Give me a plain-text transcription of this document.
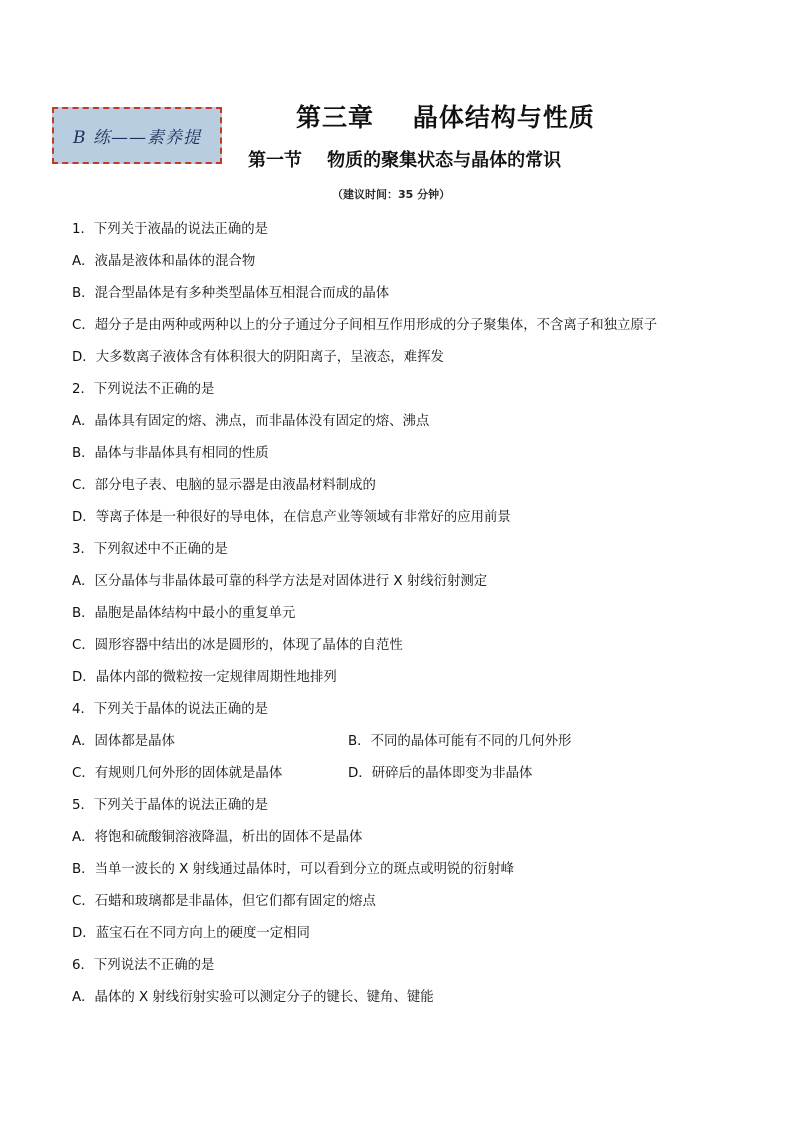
B 练——素养提
第三章    晶体结构与性质
第一节    物质的聚集状态与晶体的常识
（建议时间：35 分钟）
1．下列关于液晶的说法正确的是
A．液晶是液体和晶体的混合物
B．混合型晶体是有多种类型晶体互相混合而成的晶体
C．超分子是由两种或两种以上的分子通过分子间相互作用形成的分子聚集体，不含离子和独立原子
D．大多数离子液体含有体积很大的阴阳离子，呈液态，难挥发
2．下列说法不正确的是
A．晶体具有固定的熔、沸点，而非晶体没有固定的熔、沸点
B．晶体与非晶体具有相同的性质
C．部分电子表、电脑的显示器是由液晶材料制成的
D．等离子体是一种很好的导电体，在信息产业等领域有非常好的应用前景
3．下列叙述中不正确的是
A．区分晶体与非晶体最可靠的科学方法是对固体进行 X 射线衍射测定
B．晶胞是晶体结构中最小的重复单元
C．圆形容器中结出的冰是圆形的，体现了晶体的自范性
D．晶体内部的微粒按一定规律周期性地排列
4．下列关于晶体的说法正确的是
A．固体都是晶体	B．不同的晶体可能有不同的几何外形
C．有规则几何外形的固体就是晶体	D．研碎后的晶体即变为非晶体
5．下列关于晶体的说法正确的是
A．将饱和硫酸铜溶液降温，析出的固体不是晶体
B．当单一波长的 X 射线通过晶体时，可以看到分立的斑点或明锐的衍射峰
C．石蜡和玻璃都是非晶体，但它们都有固定的熔点
D．蓝宝石在不同方向上的硬度一定相同
6．下列说法不正确的是
A．晶体的 X 射线衍射实验可以测定分子的键长、键角、键能
